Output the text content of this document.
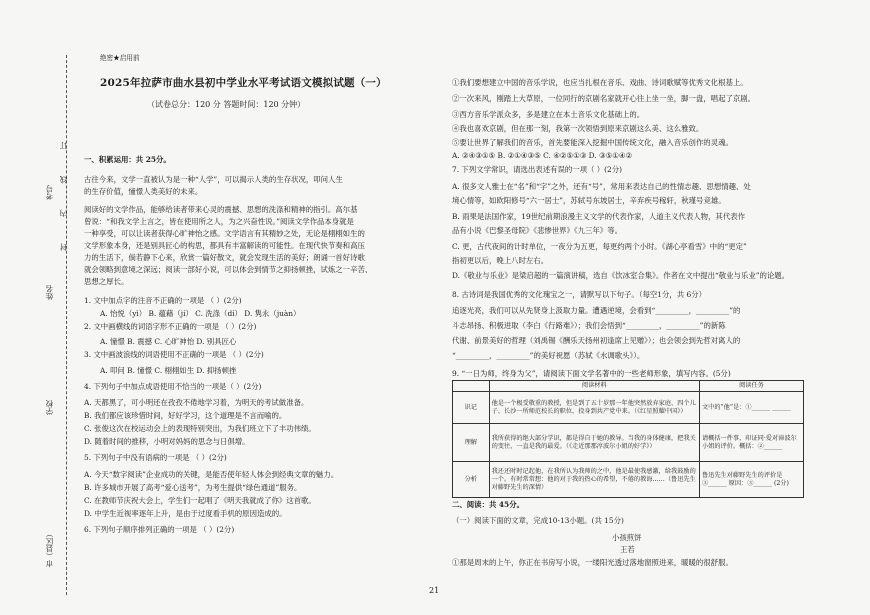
考号
姓名
学校
市（县区）
封 内 线 订
绝密★启用前
2025年拉萨市曲水县初中学业水平考试语文模拟试题（一）
（试卷总分：120 分 答题时间：120 分钟）
一、积累运用：共 25分。
古往今来，文学一直被认为是一种“人学”，可以揭示人类的生存状况，叩问人生
的生存价值，憧憬人类美好的未来。
阅读好的文学作品，能够给读者带来心灵的震撼、思想的洗涤和精神的指引。高尔基
曾说：“和我文学上言之，皆在使用所之人，为之兴奋性说。”阅读文学作品本身就是
一种享受，可以让读者获得心旷神怡之感。文学语言有其精妙之处，无论是栩栩如生的
文学形象本身，还是别具匠心的构思，都具有丰富解读的可能性。在现代快节奏和高压
力的生活下，倘若静下心来，欣赏一篇好散文，就会发现生活的美好；朗诵一首好诗歌
就会领略到意境之深远；阅读一部好小说，可以体会到情节之抑扬顿挫，试炼之一辛苦、
思想之厚长。
1. 文中加点字的注音不正确的一项是 （ ）(2分)
A. 怡悦（yì） B. 蕴藉（jí） C. 洗涤（dí） D. 隽永（juàn）
2. 文中画横线的词语字形不正确的一项是 （ ）(2分)
A. 憧憬 B. 震撼 C. 心旷神怡 D. 别具匠心
3. 文中画波浪线的词语使用不正确的一项是 （ ）(2分)
A. 叩问 B. 憧憬 C. 栩栩如生 D. 抑扬顿挫
4. 下列句子中加点成语使用不恰当的一项是（ ）(2分)
A. 天都黑了，可小明还在孜孜不倦地学习着，为明天的考试做准备。
B. 我们都应该珍惜时间，好好学习，这个道理是不言而喻的。
C. 张俊这次在校运动会上的表现特别突出，为我们班立下了丰功伟绩。
D. 随着时间的推移，小明对妈妈的思念与日俱增。
5. 下列句子中没有语病的一项是 （ ）(2分)
A. 今天“数字阅读”企业成功的关键，是能否使年轻人体会到经典文章的魅力。
B. 许多城市开展了高考“爱心送考”，为考生提供“绿色通道”服务。
C. 在教师节庆祝大会上，学生们一起唱了《明天我就成了你》这首歌。
D. 中学生近视率逐年上升，是由于过度看手机的原因造成的。
6. 下列句子顺序排列正确的一项是 （ ）(2分)
①我们要想建立中国的音乐学说，也应当扎根在音乐、戏曲、诗词歌赋等优秀文化根基上。
②一次来风，刚踏上大草原，一位同行的京剧名家就开心往上坐一坐，脚一盘，唱起了京剧。
③西方音乐学派众多，多是建立在本土音乐文化基础上的。
④我也喜欢京剧，但在那一刻，我第一次领悟到原来京剧这么美、这么雅致。
⑤要让世界了解我们的音乐，首先要能深入挖掘中国传统文化，融入音乐创作的灵魂。
A. ②④③①⑤ B. ②①④③⑤ C. ④②⑤①③ D. ③⑤①④②
7. 下列文学常识，请选出表述有误的一项（ ）(2分)
A. 很多文人雅士在“名”和“字”之外，还有“号”，常用来表达自己的性情志趣、思想情趣、处
境心情等，如欧阳修号“六一居士”，苏轼号东坡居士，辛弃疾号稼轩，秋瑾号竞雄。
B. 雨果是法国作家，19世纪前期浪漫主义文学的代表作家，人道主义代表人物，其代表作
品有小说《巴黎圣母院》《悲惨世界》《九三年》等。
C. 更，古代夜间的计时单位，一夜分为五更，每更约两个小时。《湖心亭看雪》中的“更定”
指初更以后，晚上八时左右。
D.《敬业与乐业》是梁启超的一篇演讲稿，选自《饮冰室合集》。作者在文中提出“敬业与乐业”的论题。
8. 古诗词是我国优秀的文化瑰宝之一，请默写以下句子。（每空1分，共 6分）
追逐光亮，我们可以从先贤身上汲取力量。遭遇逆境，会看到“_________，_________”的
斗志昂扬、积极进取（李白《行路难》）；我们会悟到“_________，_________”的新陈
代谢、前景美好的哲理（刘禹锡《酬乐天扬州初逢席上见赠》）；也会领会到先哲对离人的
“_________，_________”的美好祝愿（苏轼《水调歌头》）。
9. “一日为师，终身为父”，请阅读下面文学名著中的一些老师形象，填写内容。(5分)
	阅读材料	阅读任务
识记	他是一个极受敬重的教授，但是到了五十岁那一年他突然放弃家庭、四个儿子、长沙一所师范校长的职位，投身到共产党中来。（《红星照耀中国》）	文中的“他”是：①______ ______
理解	我所获得的绝大部分学识，都是得自于她的教导。当我的身体健康，把我关的变往，一直是我的最爱。（《走近那那淳波尔小姐的好学》）	请概括一件事，印证同·爱对漳波尔小姐的评价。概括：②______
分析	我还还时时记起他，在我所认为我师的之中，他是最使我感激，给我鼓励的一个。有时常常想：他的对于我的热心的希望，不倦的教诲……（鲁迅先生对藤野先生的深情）	鲁迅先生对藤野先生的评价是③______ 原因：③______ (2分)
二、阅读：共 45分。
（一）阅读下面的文章，完成10-13小题。(共 15分)
小孩煎饼
王若
①那是周末的上午，你正在书房写小说，一缕阳光透过落地窗照进来，暖暖的很舒服。
21
